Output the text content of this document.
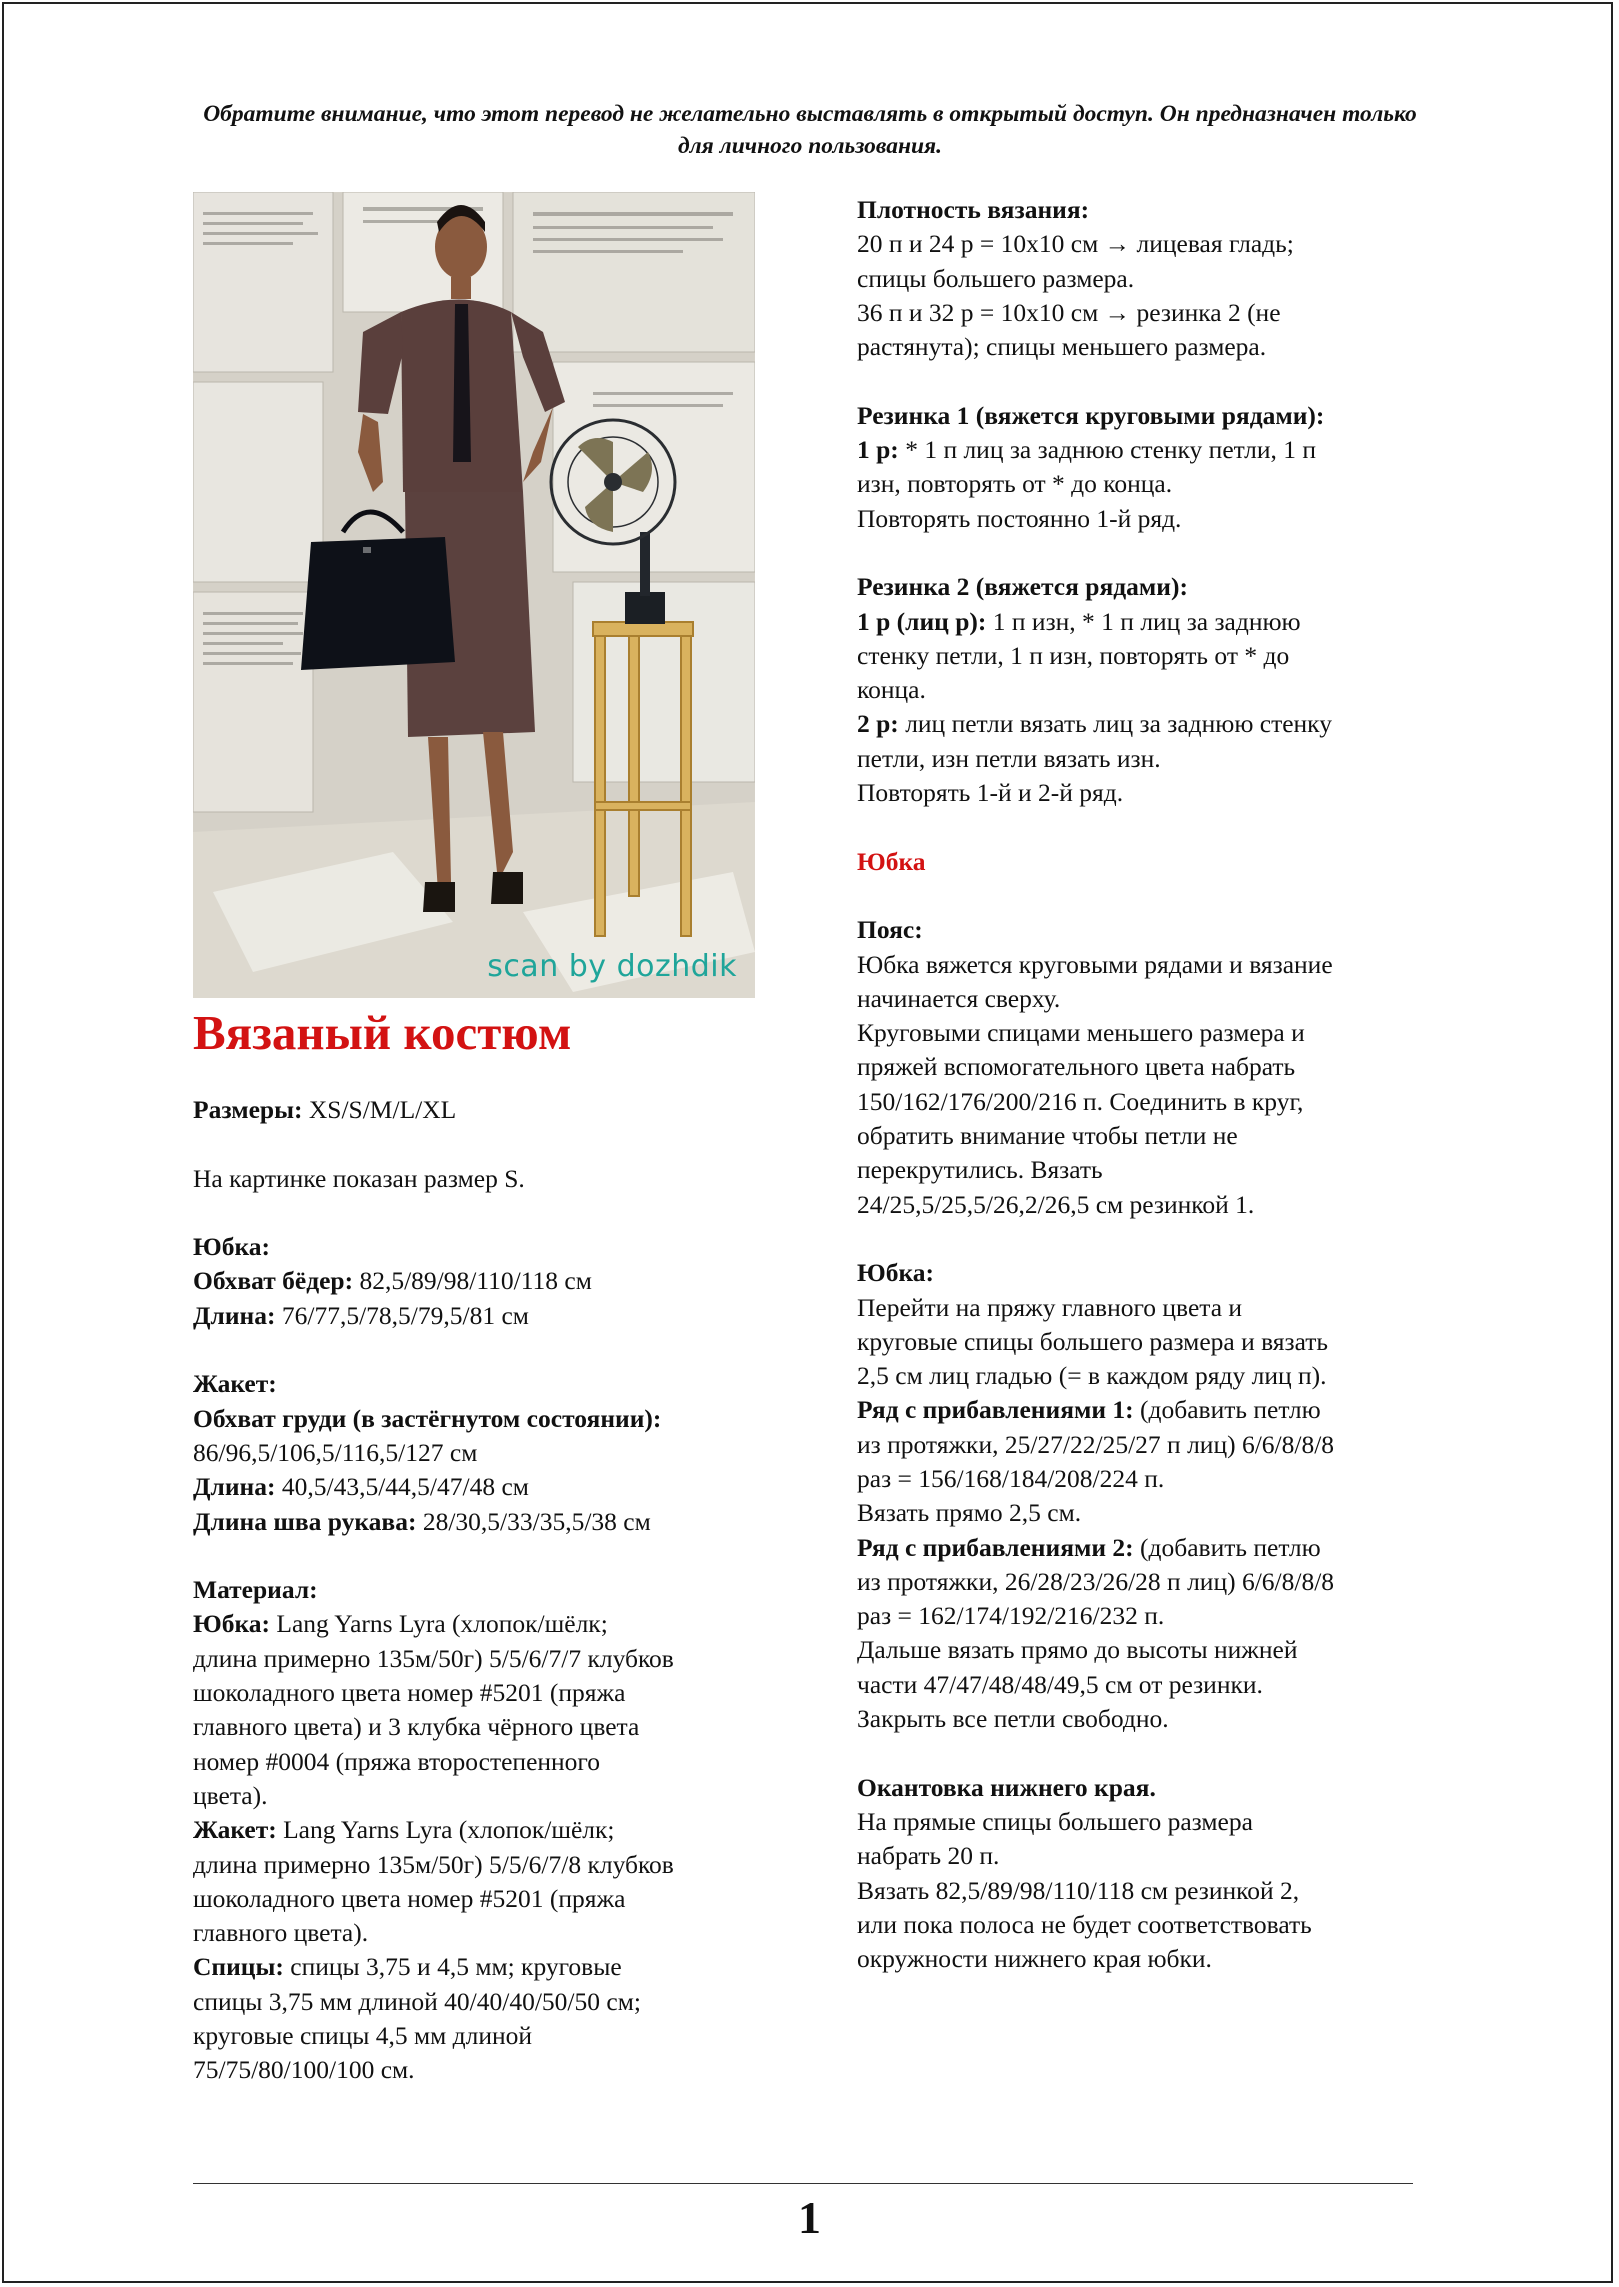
Обратите внимание, что этот перевод не желательно выставлять в открытый доступ. Он предназначен только для личного пользования.
scan by dozhdik
Вязаный костюм

Размеры: XS/S/M/L/XL

На картинке показан размер S.

Юбка:

Обхват бёдер: 82,5/89/98/110/118 см

Длина: 76/77,5/78,5/79,5/81 см

Жакет:

Обхват груди (в застёгнутом состоянии):

86/96,5/106,5/116,5/127 см

Длина: 40,5/43,5/44,5/47/48 см

Длина шва рукава: 28/30,5/33/35,5/38 см

Материал:

Юбка: Lang Yarns Lyra (хлопок/шёлк;

длина примерно 135м/50г) 5/5/6/7/7 клубков

шоколадного цвета номер #5201 (пряжа

главного цвета) и 3 клубка чёрного цвета

номер #0004 (пряжа второстепенного

цвета).

Жакет: Lang Yarns Lyra (хлопок/шёлк;

длина примерно 135м/50г) 5/5/6/7/8 клубков

шоколадного цвета номер #5201 (пряжа

главного цвета).

Спицы: спицы 3,75 и 4,5 мм; круговые

спицы 3,75 мм длиной 40/40/40/50/50 см;

круговые спицы 4,5 мм длиной

75/75/80/100/100 см.

Плотность вязания:

20 п и 24 р = 10х10 см → лицевая гладь;

спицы большего размера.

36 п и 32 р = 10х10 см → резинка 2 (не

растянута); спицы меньшего размера.

Резинка 1 (вяжется круговыми рядами):

1 р: * 1 п лиц за заднюю стенку петли, 1 п

изн, повторять от * до конца.

Повторять постоянно 1-й ряд.

Резинка 2 (вяжется рядами):

1 р (лиц р): 1 п изн, * 1 п лиц за заднюю

стенку петли, 1 п изн, повторять от * до

конца.

2 р: лиц петли вязать лиц за заднюю стенку

петли, изн петли вязать изн.

Повторять 1-й и 2-й ряд.

Юбка

Пояс:

Юбка вяжется круговыми рядами и вязание

начинается сверху.

Круговыми спицами меньшего размера и

пряжей вспомогательного цвета набрать

150/162/176/200/216 п. Соединить в круг,

обратить внимание чтобы петли не

перекрутились. Вязать

24/25,5/25,5/26,2/26,5 см резинкой 1.

Юбка:

Перейти на пряжу главного цвета и

круговые спицы большего размера и вязать

2,5 см лиц гладью (= в каждом ряду лиц п).

Ряд с прибавлениями 1: (добавить петлю

из протяжки, 25/27/22/25/27 п лиц) 6/6/8/8/8

раз = 156/168/184/208/224 п.

Вязать прямо 2,5 см.

Ряд с прибавлениями 2: (добавить петлю

из протяжки, 26/28/23/26/28 п лиц) 6/6/8/8/8

раз = 162/174/192/216/232 п.

Дальше вязать прямо до высоты нижней

части 47/47/48/48/49,5 см от резинки.

Закрыть все петли свободно.

Окантовка нижнего края.

На прямые спицы большего размера

набрать 20 п.

Вязать 82,5/89/98/110/118 см резинкой 2,

или пока полоса не будет соответствовать

окружности нижнего края юбки.

1
